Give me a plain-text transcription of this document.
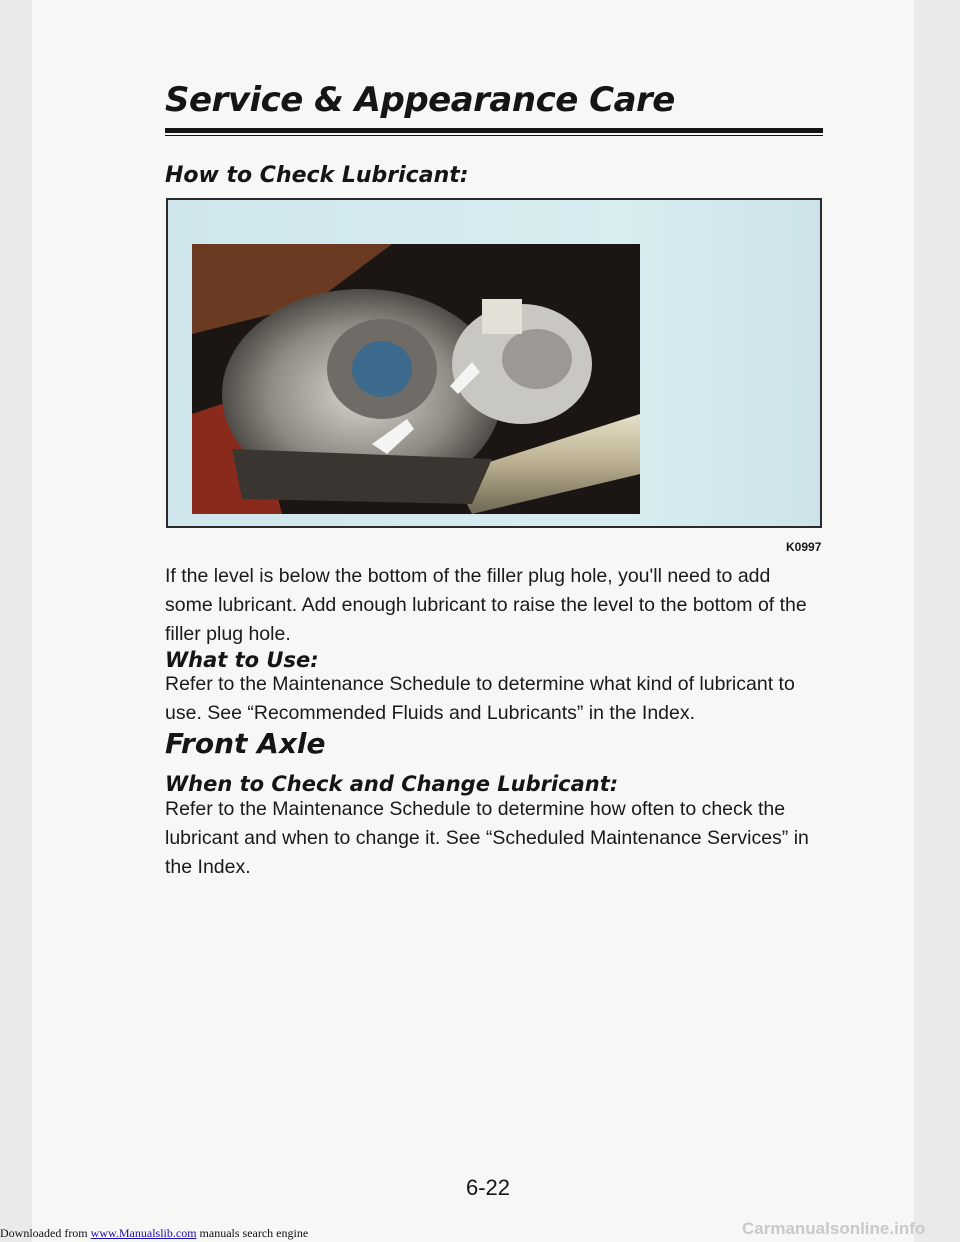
Service & Appearance Care
How to Check Lubricant:
K0997
If the level is below the bottom of the filler plug hole, you'll need to add some lubricant. Add enough lubricant to raise the level to the bottom of the filler plug hole.
What to Use:
Refer to the Maintenance Schedule to determine what kind of lubricant to use. See “Recommended Fluids and Lubricants” in the Index.
Front Axle
When to Check and Change Lubricant:
Refer to the Maintenance Schedule to determine how often to check the lubricant and when to change it. See “Scheduled Maintenance Services” in the Index.
6-22
Downloaded from www.Manualslib.com manuals search engine	Carmanualsonline.info
